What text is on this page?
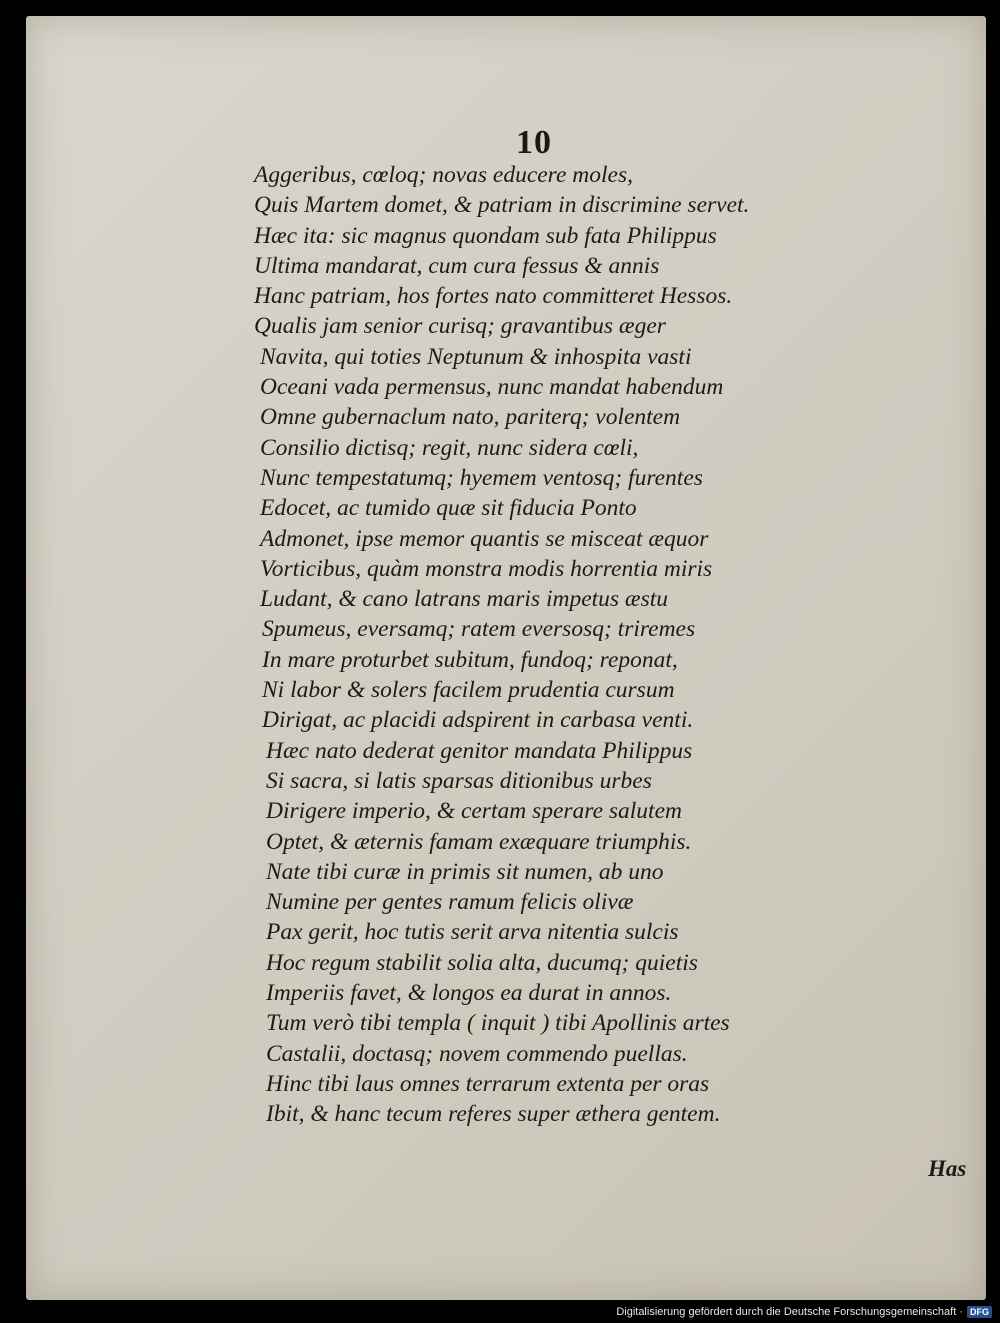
10
Aggeribus, cœloq; novas educere moles,
Quis Martem domet, & patriam in discrimine servet.
Hæc ita: sic magnus quondam sub fata Philippus
Ultima mandarat, cum cura fessus & annis
Hanc patriam, hos fortes nato committeret Hessos.
Qualis jam senior curisq; gravantibus æger
Navita, qui toties Neptunum & inhospita vasti
Oceani vada permensus, nunc mandat habendum
Omne gubernaclum nato, pariterq; volentem
Consilio dictisq; regit, nunc sidera cœli,
Nunc tempestatumq; hyemem ventosq; furentes
Edocet, ac tumido quæ sit fiducia Ponto
Admonet, ipse memor quantis se misceat æquor
Vorticibus, quàm monstra modis horrentia miris
Ludant, & cano latrans maris impetus æstu
Spumeus, eversamq; ratem eversosq; triremes
In mare proturbet subitum, fundoq; reponat,
Ni labor & solers facilem prudentia cursum
Dirigat, ac placidi adspirent in carbasa venti.
Hæc nato dederat genitor mandata Philippus
Si sacra, si latis sparsas ditionibus urbes
Dirigere imperio, & certam sperare salutem
Optet, & æternis famam exæquare triumphis.
Nate tibi curæ in primis sit numen, ab uno
Numine per gentes ramum felicis olivæ
Pax gerit, hoc tutis serit arva nitentia sulcis
Hoc regum stabilit solia alta, ducumq; quietis
Imperiis favet, & longos ea durat in annos.
Tum verò tibi templa ( inquit ) tibi Apollinis artes
Castalii, doctasq; novem commendo puellas.
Hinc tibi laus omnes terrarum extenta per oras
Ibit, & hanc tecum referes super æthera gentem.
Has
Digitalisierung gefördert durch die Deutsche Forschungsgemeinschaft · DFG
